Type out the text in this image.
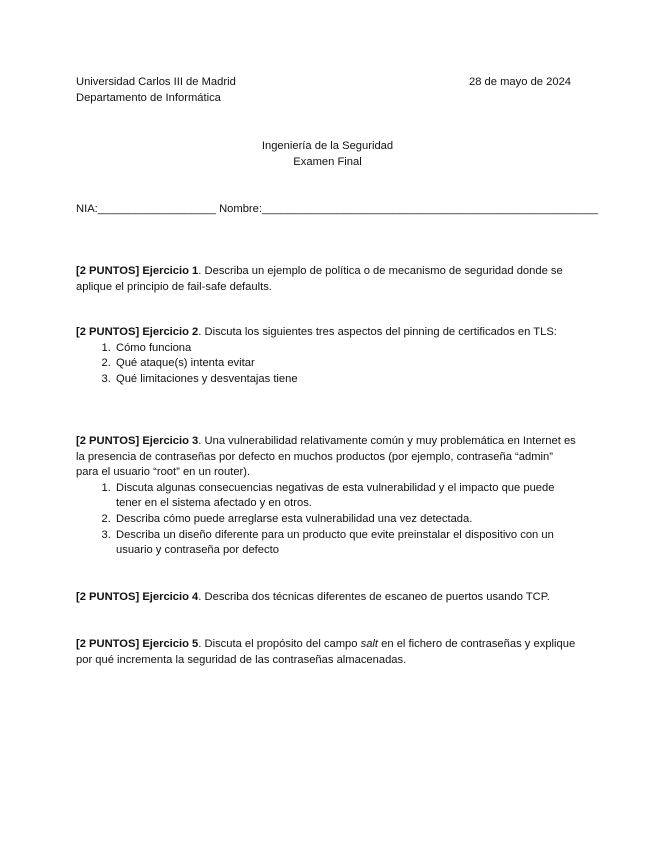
Universidad Carlos III de Madrid
Departamento de Informática
28 de mayo de 2024
Ingeniería de la Seguridad
Examen Final
NIA:___________________ Nombre:______________________________________________________
[2 PUNTOS] Ejercicio 1. Describa un ejemplo de política o de mecanismo de seguridad donde se aplique el principio de fail-safe defaults.
[2 PUNTOS] Ejercicio 2. Discuta los siguientes tres aspectos del pinning de certificados en TLS:
1. Cómo funciona
2. Qué ataque(s) intenta evitar
3. Qué limitaciones y desventajas tiene
[2 PUNTOS] Ejercicio 3. Una vulnerabilidad relativamente común y muy problemática en Internet es la presencia de contraseñas por defecto en muchos productos (por ejemplo, contraseña “admin” para el usuario “root” en un router).
1. Discuta algunas consecuencias negativas de esta vulnerabilidad y el impacto que puede tener en el sistema afectado y en otros.
2. Describa cómo puede arreglarse esta vulnerabilidad una vez detectada.
3. Describa un diseño diferente para un producto que evite preinstalar el dispositivo con un usuario y contraseña por defecto
[2 PUNTOS] Ejercicio 4. Describa dos técnicas diferentes de escaneo de puertos usando TCP.
[2 PUNTOS] Ejercicio 5. Discuta el propósito del campo salt en el fichero de contraseñas y explique por qué incrementa la seguridad de las contraseñas almacenadas.
